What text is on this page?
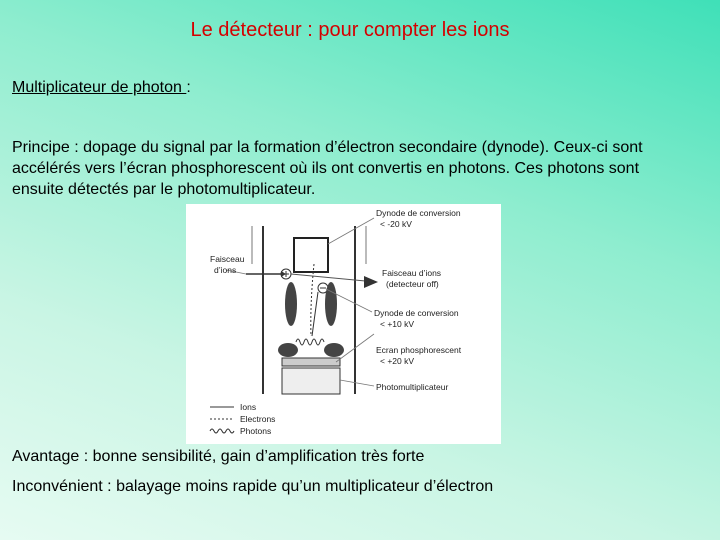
Le détecteur : pour compter les ions
Multiplicateur de photon :
Principe : dopage du signal par la formation d’électron secondaire (dynode). Ceux-ci sont accélérés vers l’écran phosphorescent où ils ont convertis en photons. Ces photons sont ensuite détectés par le photomultiplicateur.
Dynode de conversion
< -20 kV
Faisceau d’ions
(detecteur off)
Dynode de conversion
< +10 kV
Ecran phosphorescent
< +20 kV
Photomultiplicateur
Faisceau
d’ions
Ions
Electrons
Photons
Avantage : bonne sensibilité, gain d’amplification très forte
Inconvénient : balayage moins rapide qu’un multiplicateur d’électron
